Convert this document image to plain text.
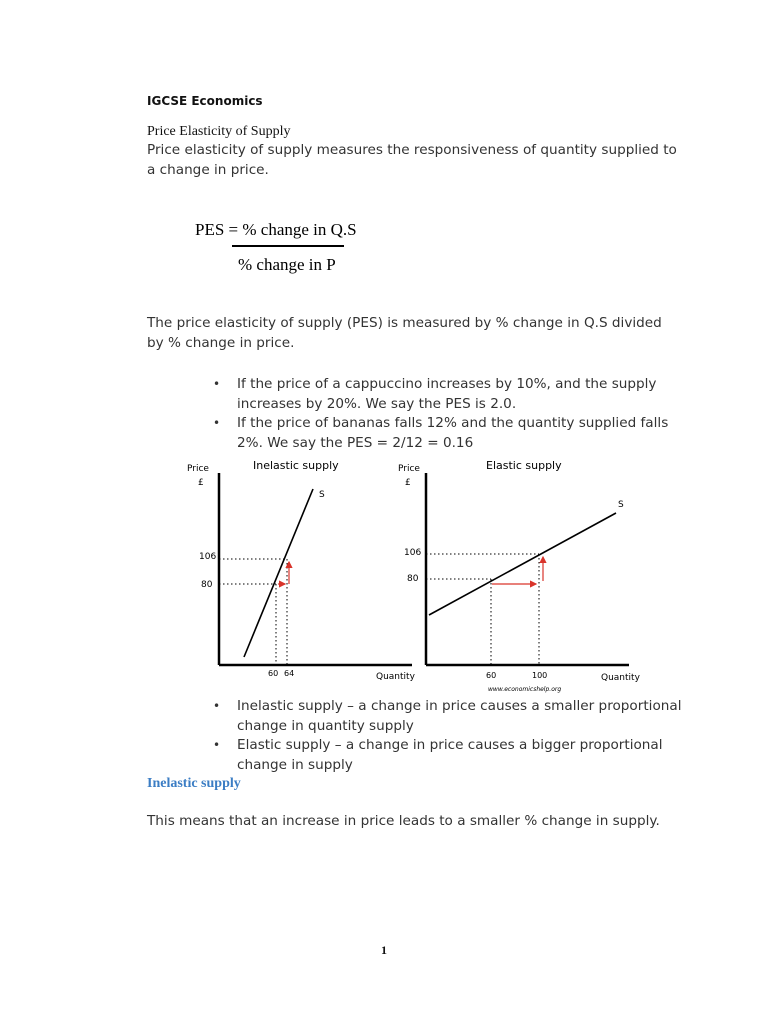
IGCSE Economics
Price Elasticity of Supply
Price elasticity of supply measures the responsiveness of quantity supplied to a change in price.
PES = % change in Q.S
% change in P
The price elasticity of supply (PES) is measured by % change in Q.S divided by % change in price.
• If the price of a cappuccino increases by 10%, and the supply increases by 20%. We say the PES is 2.0.
• If the price of bananas falls 12% and the quantity supplied falls 2%. We say the PES = 2/12 = 0.16
Price
£
Inelastic supply
S
106
80
60 64	Quantity
Price
£
Elastic supply
S
106
80
60	100	Quantity
www.economicshelp.org
• Inelastic supply – a change in price causes a smaller proportional change in quantity supply
• Elastic supply – a change in price causes a bigger proportional change in supply
Inelastic supply
This means that an increase in price leads to a smaller % change in supply.
1
